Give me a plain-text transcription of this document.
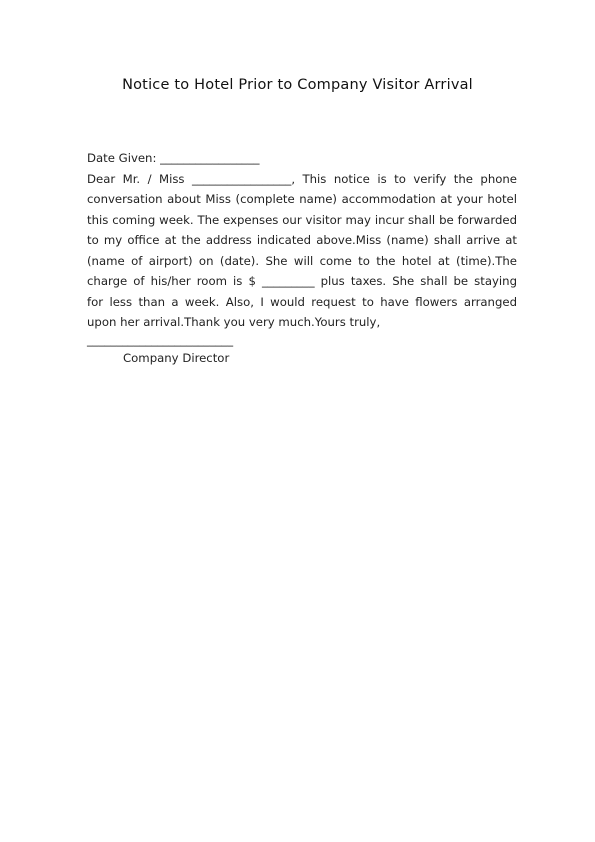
Notice to Hotel Prior to Company Visitor Arrival
Date Given: _________________
Dear Mr. / Miss _________________, This notice is to verify the phone
conversation about Miss (complete name) accommodation at your hotel
this coming week. The expenses our visitor may incur shall be forwarded
to my office at the address indicated above.Miss (name) shall arrive at
(name of airport) on (date). She will come to the hotel at (time).The
charge of his/her room is $ _________ plus taxes. She shall be staying
for less than a week. Also, I would request to have flowers arranged
upon her arrival.Thank you very much.Yours truly,
_________________________
Company Director
